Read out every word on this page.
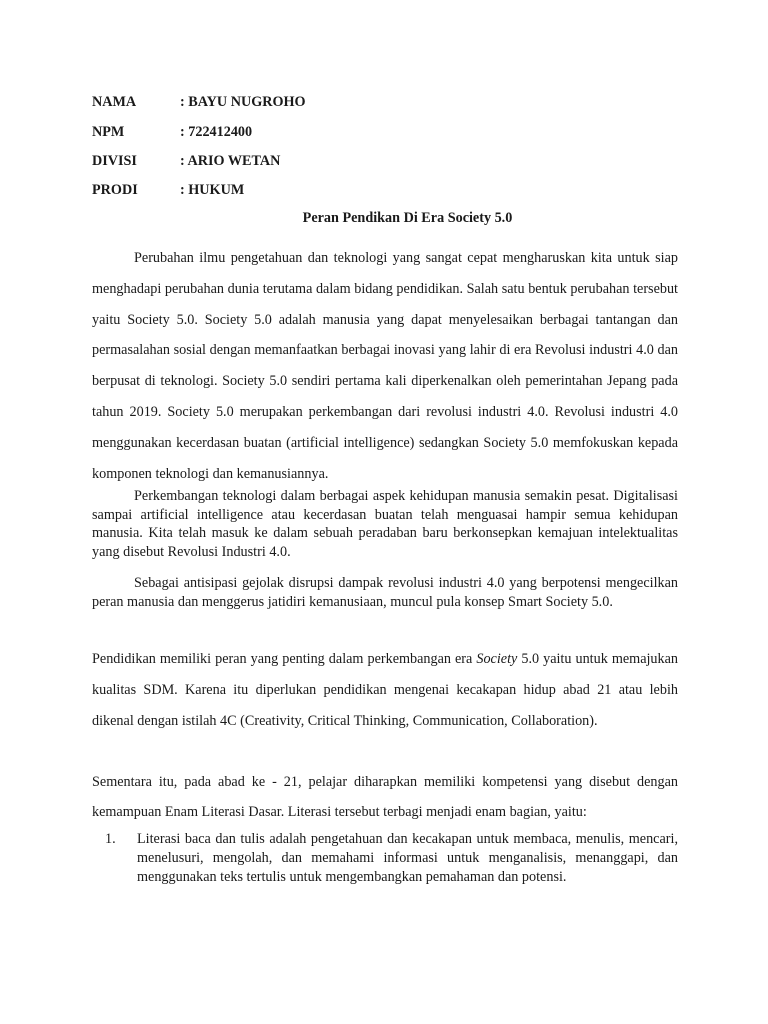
NAMA	: BAYU NUGROHO
NPM	: 722412400
DIVISI	: ARIO WETAN
PRODI	: HUKUM
Peran Pendikan Di Era Society 5.0

Perubahan ilmu pengetahuan dan teknologi yang sangat cepat mengharuskan kita untuk siap menghadapi perubahan dunia terutama dalam bidang pendidikan. Salah satu bentuk perubahan tersebut yaitu Society 5.0. Society 5.0 adalah manusia yang dapat menyelesaikan berbagai tantangan dan permasalahan sosial dengan memanfaatkan berbagai inovasi yang lahir di era Revolusi industri 4.0 dan berpusat di teknologi. Society 5.0 sendiri pertama kali diperkenalkan oleh pemerintahan Jepang pada tahun 2019. Society 5.0 merupakan perkembangan dari revolusi industri 4.0. Revolusi industri 4.0 menggunakan kecerdasan buatan (artificial intelligence) sedangkan Society 5.0 memfokuskan kepada komponen teknologi dan kemanusiannya.

Perkembangan teknologi dalam berbagai aspek kehidupan manusia semakin pesat. Digitalisasi sampai artificial intelligence atau kecerdasan buatan telah menguasai hampir semua kehidupan manusia. Kita telah masuk ke dalam sebuah peradaban baru berkonsepkan kemajuan intelektualitas yang disebut Revolusi Industri 4.0.

Sebagai antisipasi gejolak disrupsi dampak revolusi industri 4.0 yang berpotensi mengecilkan peran manusia dan menggerus jatidiri kemanusiaan, muncul pula konsep Smart Society 5.0.

Pendidikan memiliki peran yang penting dalam perkembangan era Society 5.0 yaitu untuk memajukan kualitas SDM. Karena itu diperlukan pendidikan mengenai kecakapan hidup abad 21 atau lebih dikenal dengan istilah 4C (Creativity, Critical Thinking, Communication, Collaboration).

Sementara itu, pada abad ke - 21, pelajar diharapkan memiliki kompetensi yang disebut dengan kemampuan Enam Literasi Dasar. Literasi tersebut terbagi menjadi enam bagian, yaitu:

1. Literasi baca dan tulis adalah pengetahuan dan kecakapan untuk membaca, menulis, mencari, menelusuri, mengolah, dan memahami informasi untuk menganalisis, menanggapi, dan menggunakan teks tertulis untuk mengembangkan pemahaman dan potensi.
